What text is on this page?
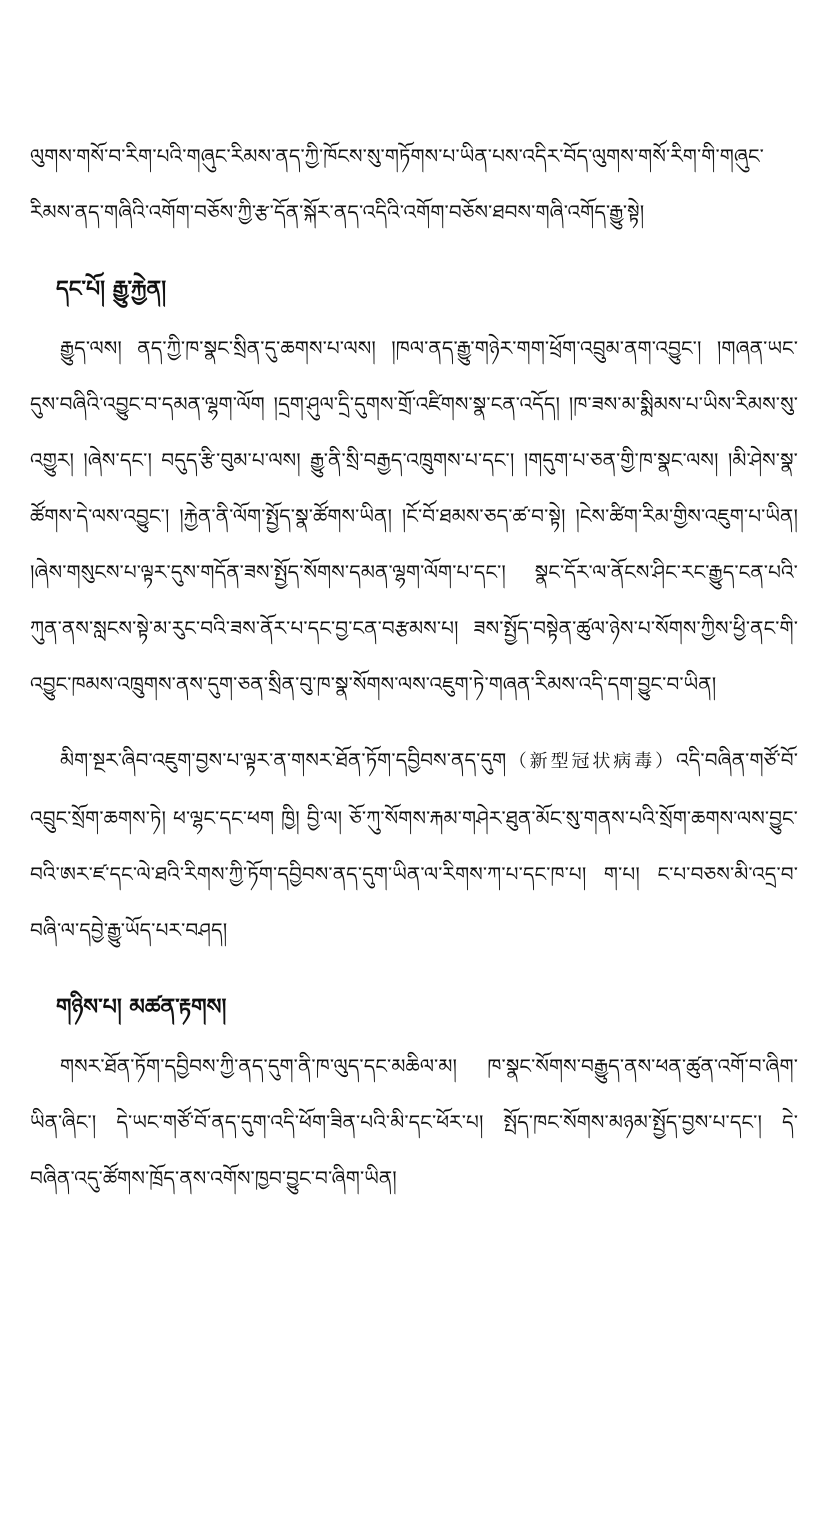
ལུགས་གསོ་བ་རིག་པའི་གཞུང་རིམས་ནད་ཀྱི་ཁོངས་སུ་གཏོགས་པ་ཡིན་པས་འདིར་བོད་ལུགས་གསོ་རིག་གི་གཞུང་རིམས་ནད་གཞིའི་འགོག་བཅོས་ཀྱི་རྩ་དོན་སྐོར་ནད་འདིའི་འགོག་བཅོས་ཐབས་གཞི་འགོད་རྒྱུ་སྟེ།

དང་པོ། རྒྱུ་རྐྱེན།

རྒྱུད་ལས། ནད་ཀྱི་ཁ་སྣང་སྲིན་དུ་ཆགས་པ་ལས། །ཁལ་ནད་རྒྱུ་གཉེར་གག་ཕྲོག་འབྲུམ་ནག་འབྱུང་། །གཞན་ཡང་དུས་བཞིའི་འབྱུང་བ་དམན་ལྷག་ལོག །དྲག་ཤུལ་དྲི་དུགས་གྲོ་འཛིགས་སྣ་ངན་འདོད། །ཁ་ཟས་མ་སྨིམས་པ་ཡིས་རིམས་སུ་འགྱུར། །ཞེས་དང་། བདུད་རྩི་བུམ་པ་ལས། རྒྱུ་ནི་སྲི་བརྒྱད་འཁྲུགས་པ་དང་། །གདུག་པ་ཅན་གྱི་ཁ་སྣང་ལས། །མི་ཤེས་སྣ་ཚོགས་དེ་ལས་འབྱུང་། །རྐྱེན་ནི་ལོག་སྤྱོད་སྣ་ཚོགས་ཡིན། །ངོ་བོ་ཐམས་ཅད་ཚ་བ་སྟེ། །ངེས་ཚིག་རིམ་གྱིས་འཇུག་པ་ཡིན། །ཞེས་གསུངས་པ་ལྟར་དུས་གདོན་ཟས་སྤྱོད་སོགས་དམན་ལྷག་ལོག་པ་དང་། སྣང་དོར་ལ་ནོངས་ཤིང་རང་རྒྱུད་ངན་པའི་ཀུན་ནས་སླངས་སྟེ་མ་རུང་བའི་ཟས་ནོར་པ་དང་བྱ་ངན་བརྩམས་པ། ཟས་སྤྱོད་བསྟེན་ཚུལ་ཉེས་པ་སོགས་ཀྱིས་ཕྱི་ནང་གི་འབྱུང་ཁམས་འཁྲུགས་ནས་དུག་ཅན་སྲིན་བུ་ཁ་སྣ་སོགས་ལས་འཇུག་ཏེ་གཞན་རིམས་འདི་དག་བྱུང་བ་ཡིན།

མིག་སྔར་ཞིབ་འཇུག་བྱས་པ་ལྟར་ན་གསར་ཐོན་ཏོག་དབྱིབས་ནད་དུག（新型冠状病毒）འདི་བཞིན་གཙོ་བོ་འབྲུང་སྲོག་ཆགས་ཏེ། ཕ་ལྷང་དང་ཕག ཁྱི། བྱི་ལ། ཅོ་ཀུ་སོགས་རྐམ་གཤེར་ཐུན་མོང་སུ་གནས་པའི་སྲོག་ཆགས་ལས་བྱུང་བའི་ཨར་ཛ་དང་ལེ་ཐའི་རིགས་ཀྱི་ཏོག་དབྱིབས་ནད་དུག་ཡིན་ལ་རིགས་ཀ་པ་དང་ཁ་པ། ག་པ། ང་པ་བཅས་མི་འདྲ་བ་བཞི་ལ་དབྱེ་རྒྱུ་ཡོད་པར་བཤད།

གཉིས་པ། མཚན་རྟགས།

གསར་ཐོན་ཏོག་དབྱིབས་ཀྱི་ནད་དུག་ནི་ཁ་ལུད་དང་མཆིལ་མ། ཁ་སྣང་སོགས་བརྒྱུད་ནས་ཕན་ཚུན་འགོ་བ་ཞིག་ཡིན་ཞིང་། དེ་ཡང་གཙོ་བོ་ནད་དུག་འདི་ཕོག་ཟིན་པའི་མི་དང་ཕོར་པ། སྤོད་ཁང་སོགས་མཉམ་སྤྱོད་བྱས་པ་དང་། དེ་བཞིན་འདུ་ཚོགས་ཁྲོད་ནས་འགོས་ཁྱབ་བྱུང་བ་ཞིག་ཡིན།
